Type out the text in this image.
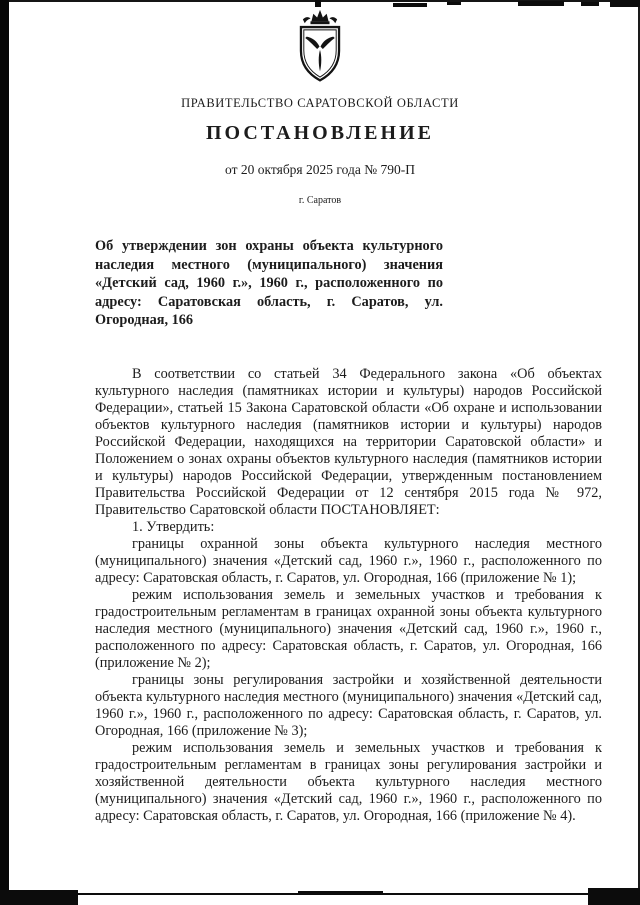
ПРАВИТЕЛЬСТВО САРАТОВСКОЙ ОБЛАСТИ
ПОСТАНОВЛЕНИЕ
от 20 октября 2025 года № 790-П
г. Саратов
Об утверждении зон охраны объекта культурного наследия местного (муниципального) значения «Детский сад, 1960 г.», 1960 г., расположенного по адресу: Саратовская область, г. Саратов, ул. Огородная, 166

В соответствии со статьей 34 Федерального закона «Об объектах культурного наследия (памятниках истории и культуры) народов Российской Федерации», статьей 15 Закона Саратовской области «Об охране и использовании объектов культурного наследия (памятников истории и культуры) народов Российской Федерации, находящихся на территории Саратовской области» и Положением о зонах охраны объектов культурного наследия (памятников истории и культуры) народов Российской Федерации, утвержденным постановлением Правительства Российской Федерации от 12 сентября 2015 года № 972, Правительство Саратовской области ПОСТАНОВЛЯЕТ:

1. Утвердить:

границы охранной зоны объекта культурного наследия местного (муниципального) значения «Детский сад, 1960 г.», 1960 г., расположенного по адресу: Саратовская область, г. Саратов, ул. Огородная, 166 (приложение № 1);

режим использования земель и земельных участков и требования к градостроительным регламентам в границах охранной зоны объекта культурного наследия местного (муниципального) значения «Детский сад, 1960 г.», 1960 г., расположенного по адресу: Саратовская область, г. Саратов, ул. Огородная, 166 (приложение № 2);

границы зоны регулирования застройки и хозяйственной деятельности объекта культурного наследия местного (муниципального) значения «Детский сад, 1960 г.», 1960 г., расположенного по адресу: Саратовская область, г. Саратов, ул. Огородная, 166 (приложение № 3);

режим использования земель и земельных участков и требования к градостроительным регламентам в границах зоны регулирования застройки и хозяйственной деятельности объекта культурного наследия местного (муниципального) значения «Детский сад, 1960 г.», 1960 г., расположенного по адресу: Саратовская область, г. Саратов, ул. Огородная, 166 (приложение № 4).
